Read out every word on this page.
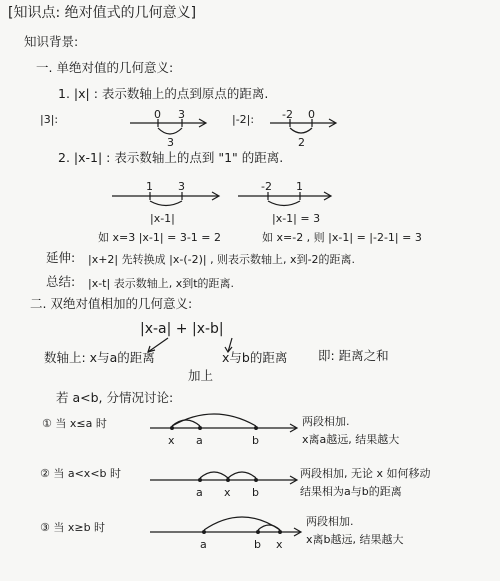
[知识点: 绝对值式的几何意义]
知识背景:
一. 单绝对值的几何意义:
1. |x| : 表示数轴上的点到原点的距离.
|3|:	|-2|:
2. |x-1| : 表示数轴上的点到 "1" 的距离.
如 x=3 |x-1| = 3-1 = 2	如 x=-2 , 则 |x-1| = |-2-1| = 3
延伸: |x+2| 先转换成 |x-(-2)| , 则表示数轴上, x到-2的距离.
总结: |x-t| 表示数轴上, x到t的距离.
二. 双绝对值相加的几何意义:
|x-a| + |x-b|
数轴上: x与a的距离	x与b的距离 即: 距离之和
加上
若 a<b, 分情况讨论:
① 当 x≤a 时	两段相加.
x离a越远, 结果越大
② 当 a<x<b 时	两段相加, 无论 x 如何移动
结果相为a与b的距离
③ 当 x≥b 时	两段相加.
x离b越远, 结果越大
0 3
3
-2 0
2
1 3
|x-1|
-2 1
|x-1| = 3
x a	b
a x b
a	b x
